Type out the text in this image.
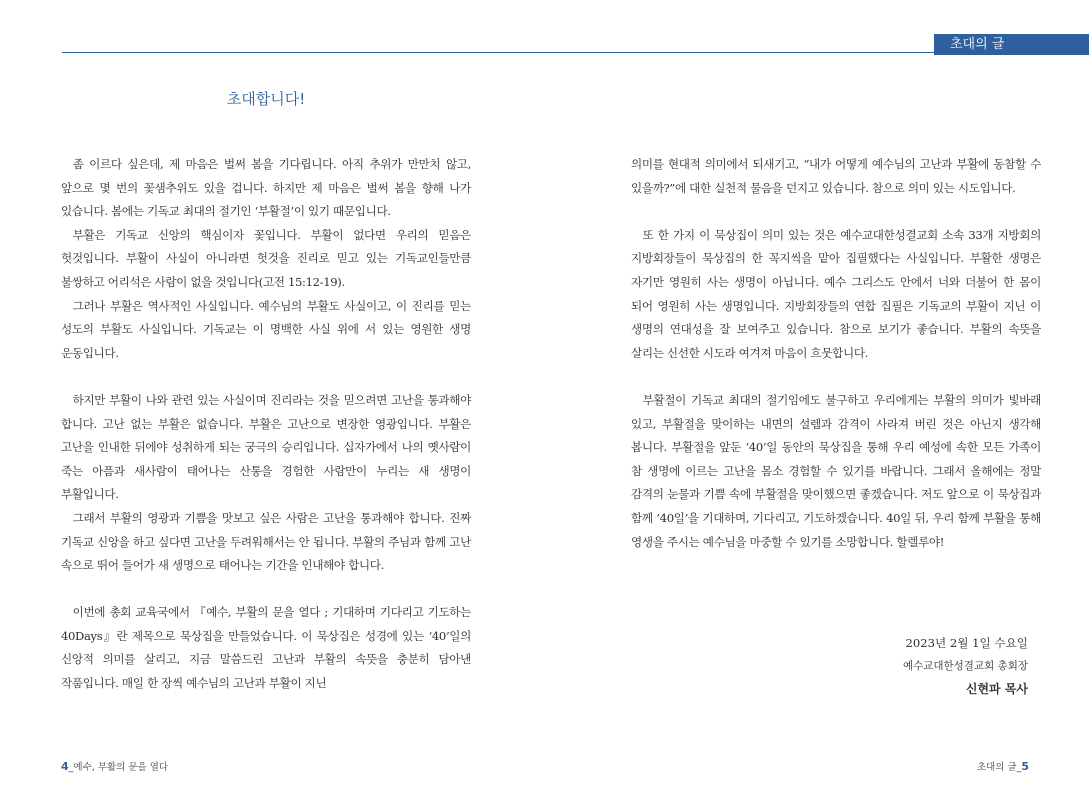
초대의 글
초대합니다!

좀 이르다 싶은데, 제 마음은 벌써 봄을 기다립니다. 아직 추위가 만만치 않고, 앞으로 몇 번의 꽃샘추위도 있을 겁니다. 하지만 제 마음은 벌써 봄을 향해 나가 있습니다. 봄에는 기독교 최대의 절기인 ‘부활절’이 있기 때문입니다.

부활은 기독교 신앙의 핵심이자 꽃입니다. 부활이 없다면 우리의 믿음은 헛것입니다. 부활이 사실이 아니라면 헛것을 진리로 믿고 있는 기독교인들만큼 불쌍하고 어리석은 사람이 없을 것입니다(고전 15:12-19).

그러나 부활은 역사적인 사실입니다. 예수님의 부활도 사실이고, 이 진리를 믿는 성도의 부활도 사실입니다. 기독교는 이 명백한 사실 위에 서 있는 영원한 생명 운동입니다.

하지만 부활이 나와 관련 있는 사실이며 진리라는 것을 믿으려면 고난을 통과해야 합니다. 고난 없는 부활은 없습니다. 부활은 고난으로 변장한 영광입니다. 부활은 고난을 인내한 뒤에야 성취하게 되는 궁극의 승리입니다. 십자가에서 나의 옛사람이 죽는 아픔과 새사람이 태어나는 산통을 경험한 사람만이 누리는 새 생명이 부활입니다.

그래서 부활의 영광과 기쁨을 맛보고 싶은 사람은 고난을 통과해야 합니다. 진짜 기독교 신앙을 하고 싶다면 고난을 두려워해서는 안 됩니다. 부활의 주님과 함께 고난 속으로 뛰어 들어가 새 생명으로 태어나는 기간을 인내해야 합니다.

이번에 총회 교육국에서 『예수, 부활의 문을 열다 ; 기대하며 기다리고 기도하는 40Days』란 제목으로 묵상집을 만들었습니다. 이 묵상집은 성경에 있는 ‘40’일의 신앙적 의미를 살리고, 지금 말씀드린 고난과 부활의 속뜻을 충분히 담아낸 작품입니다. 매일 한 장씩 예수님의 고난과 부활이 지닌

의미를 현대적 의미에서 되새기고, “내가 어떻게 예수님의 고난과 부활에 동참할 수 있을까?”에 대한 실천적 물음을 던지고 있습니다. 참으로 의미 있는 시도입니다.

또 한 가지 이 묵상집이 의미 있는 것은 예수교대한성결교회 소속 33개 지방회의 지방회장들이 묵상집의 한 꼭지씩을 맡아 집필했다는 사실입니다. 부활한 생명은 자기만 영원히 사는 생명이 아닙니다. 예수 그리스도 안에서 너와 더불어 한 몸이 되어 영원히 사는 생명입니다. 지방회장들의 연합 집필은 기독교의 부활이 지닌 이 생명의 연대성을 잘 보여주고 있습니다. 참으로 보기가 좋습니다. 부활의 속뜻을 살리는 신선한 시도라 여겨져 마음이 흐뭇합니다.

부활절이 기독교 최대의 절기임에도 불구하고 우리에게는 부활의 의미가 빛바래 있고, 부활절을 맞이하는 내면의 설렘과 감격이 사라져 버린 것은 아닌지 생각해 봅니다. 부활절을 앞둔 ‘40’일 동안의 묵상집을 통해 우리 예성에 속한 모든 가족이 참 생명에 이르는 고난을 몸소 경험할 수 있기를 바랍니다. 그래서 올해에는 정말 감격의 눈물과 기쁨 속에 부활절을 맞이했으면 좋겠습니다. 저도 앞으로 이 묵상집과 함께 ‘40일’을 기대하며, 기다리고, 기도하겠습니다. 40일 뒤, 우리 함께 부활을 통해 영생을 주시는 예수님을 마중할 수 있기를 소망합니다. 할렐루야!

2023년 2월 1일 수요일
예수교대한성결교회 총회장
신현파 목사
4_예수, 부활의 문을 열다	초대의 글_5
